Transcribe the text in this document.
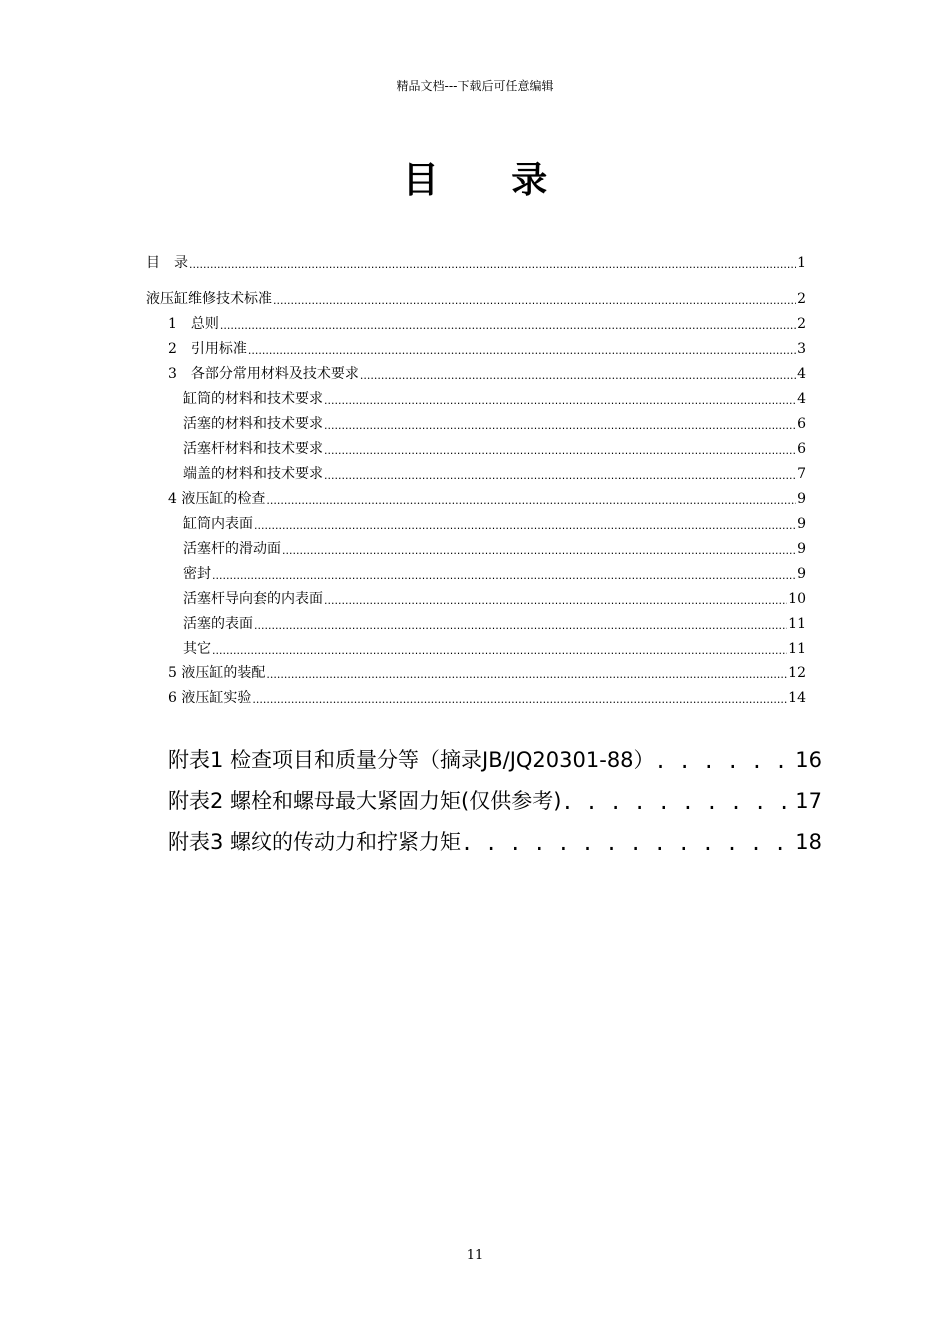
精品文档---下载后可任意编辑
目 录
目　录 .....	1
液压缸维修技术标准 .....	2
1　总则 .....	2
2　引用标准 .....	3
3　各部分常用材料及技术要求 .....	4
缸筒的材料和技术要求 .....	4
活塞的材料和技术要求 .....	6
活塞杆材料和技术要求 .....	6
端盖的材料和技术要求 .....	7
4 液压缸的检查 .....	9
缸筒内表面 .....	9
活塞杆的滑动面 .....	9
密封 .....	9
活塞杆导向套的内表面 .....	10
活塞的表面 .....	11
其它 .....	11
5 液压缸的装配 .....	12
6 液压缸实验 .....	14
附表1 检查项目和质量分等（摘录JB/JQ20301-88） . . .	16
附表2 螺栓和螺母最大紧固力矩(仅供参考) . . .	17
附表3 螺纹的传动力和拧紧力矩 . . .	18
11
